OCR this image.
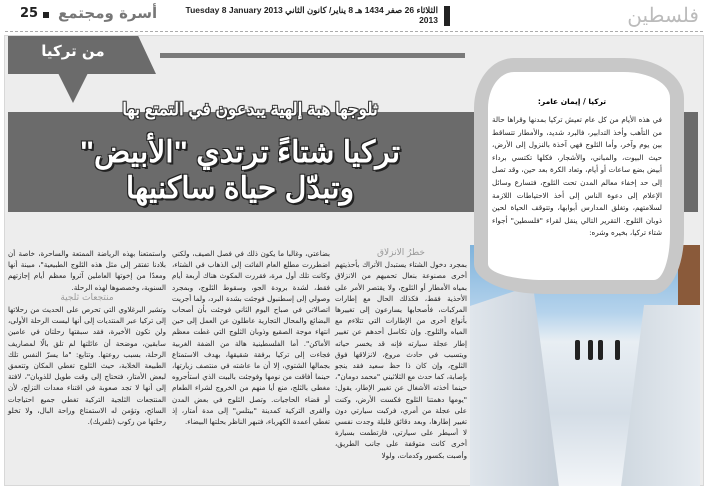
فلسطين
الثلاثاء 26 صفر 1434 هـ 8 يناير/ كانون الثاني 2013 Tuesday 8 January 2013
أسرة ومجتمع
25
من تركيا
ثلوجها هبة إلهية يبدعون في التمتع بها
تركيا شتاءً ترتدي "الأبيض"
وتبدّل حياة ساكنيها
تركيا / إيمان عامر:
في هذه الأيام من كل عام تعيش تركيا بمدنها وقراها حالة من التأهب وأخذ التدابير، فالبرد شديد، والأمطار تتساقط بين يوم وآخر، وأما الثلوج فهي آخذة بالنزول إلى الأرض، حيث البيوت، والمباني، والأشجار، فكلها تكتسي برداء أبيض بضع ساعات أو أيام، وتعاد الكرة بعد حين، وقد تصل إلى حد إخفاء معالم المدن تحت الثلوج، فتسارع وسائل الإعلام إلى دعوة الناس إلى أخذ الاحتياطات اللازمة لسلامتهم، وتغلق المدارس أبوابها، وتتوقف الحياة لحين ذوبان الثلوج. التقرير التالي ينقل لقراء "فلسطين" أجواء شتاء تركيا، بخيره وشره:
خطرُ الانزلاق
بمجرد دخول الشتاء يستبدل الأتراك بأحذيتهم أخرى مصنوعة بنعال تحميهم من الانزلاق بمياه الأمطار أو الثلوج، ولا يقتصر الأمر على الأحذية فقط، فكذلك الحال مع إطارات المركبات، فأصحابها يسارعون إلى تغييرها بأنواع أخرى من الإطارات التي تتلاءم مع المياه والثلوج. وإن تكاسل أحدهم عن تغيير إطار عجلة سيارته فإنه قد يخسر حياته ويتسبب في حادث مروع، لانزلاقها فوق الثلوج، وإن كان ذا حظ سعيد فقد ينجو بإصابة، كما حدث مع الثلاثيني "محمد دومان"، حينما أخذته الأشغال عن تغيير الإطار، يقول: "يومها دهمتنا الثلوج فكست الأرض، وكنت على عجلة من أمري، فركبت سيارتي دون تغيير إطارها، وبعد دقائق قليلة وجدت نفسي لا أسيطر على سيارتي، فارتطمت بسيارة أخرى كانت متوقفة على جانب الطريق، وأصبت بكسور وكدمات، ولولا
بضاعتي، وغالبا ما يكون ذلك في فصل الصيف، ولكني اضطررت مطلع العام الفائت إلى الذهاب في الشتاء، وكانت تلك أول مرة، فقررت المكوث هناك أربعة أيام فقط، لشدة برودة الجو، وسقوط الثلوج، وبمجرد وصولي إلى إسطنبول فوجئت بشدة البرد، ولما أجريت اتصالاتي في صباح اليوم الثاني فوجئت بأن أصحاب البضائع والمحال التجارية عاطلون عن العمل إلى حين انتهاء موجة الصقيع وذوبان الثلوج التي غطت معظم الأماكن". أما الفلسطينية هالة من الضفة الغربية فجاءت إلى تركيا برفقة شقيقها، بهدف الاستمتاع بجمالها الشتوي، إلا أن ما عاشته في منتصف زيارتها، حينما أفاقت من نومها وفوجئت بالبيت الذي استأجروه مغطى بالثلج، منع أيا منهم من الخروج لشراء الطعام أو قضاء الحاجيات. وتصل الثلوج في بعض المدن والقرى التركية كمدينة "بيتلس" إلى مدة أمتار، إذ تغطي أعمدة الكهرباء، فتبهر الناظر بحلتها البيضاء.
واستمتعنا بهذه الرياضة الممتعة والساحرة، خاصة أن بلادنا تفتقر إلى مثل هذه الثلوج الطبيعية"، مبينة أنها ومعدًا من إخوتها العاملين آثروا معظم أيام إجازتهم السنوية، وخصصوها لهذه الرحلة.
منتجعات ثلجية
وتشير البرغلاوي التي تحرص على الحديث من رحلاتها إلى تركيا عبر المنتديات إلى أنها ليست الرحلة الأولى، ولن تكون الأخيرة، فقد سبقتها رحلتان في عامين سابقين، موضحة أن عائلتها لم تلق بالًا لمصاريف الرحلة، بسبب روعتها. وتتابع: "ما يسرّ النفس تلك الطبيعة الخلابة، حيث الثلوج تغطي المكان وتتعمق لبعض الأمتار، فتحتاج إلى وقت طويل للذوبان"، لافتة إلى أنها لا تجد صعوبة في اقتناء معدات التزلج، لأن المنتجعات الثلجية التركية تغطي جميع احتياجات السائح، وتؤمن له الاستمتاع وراحة البال، ولا تخلو رحلتها من ركوب (تلفريك).
